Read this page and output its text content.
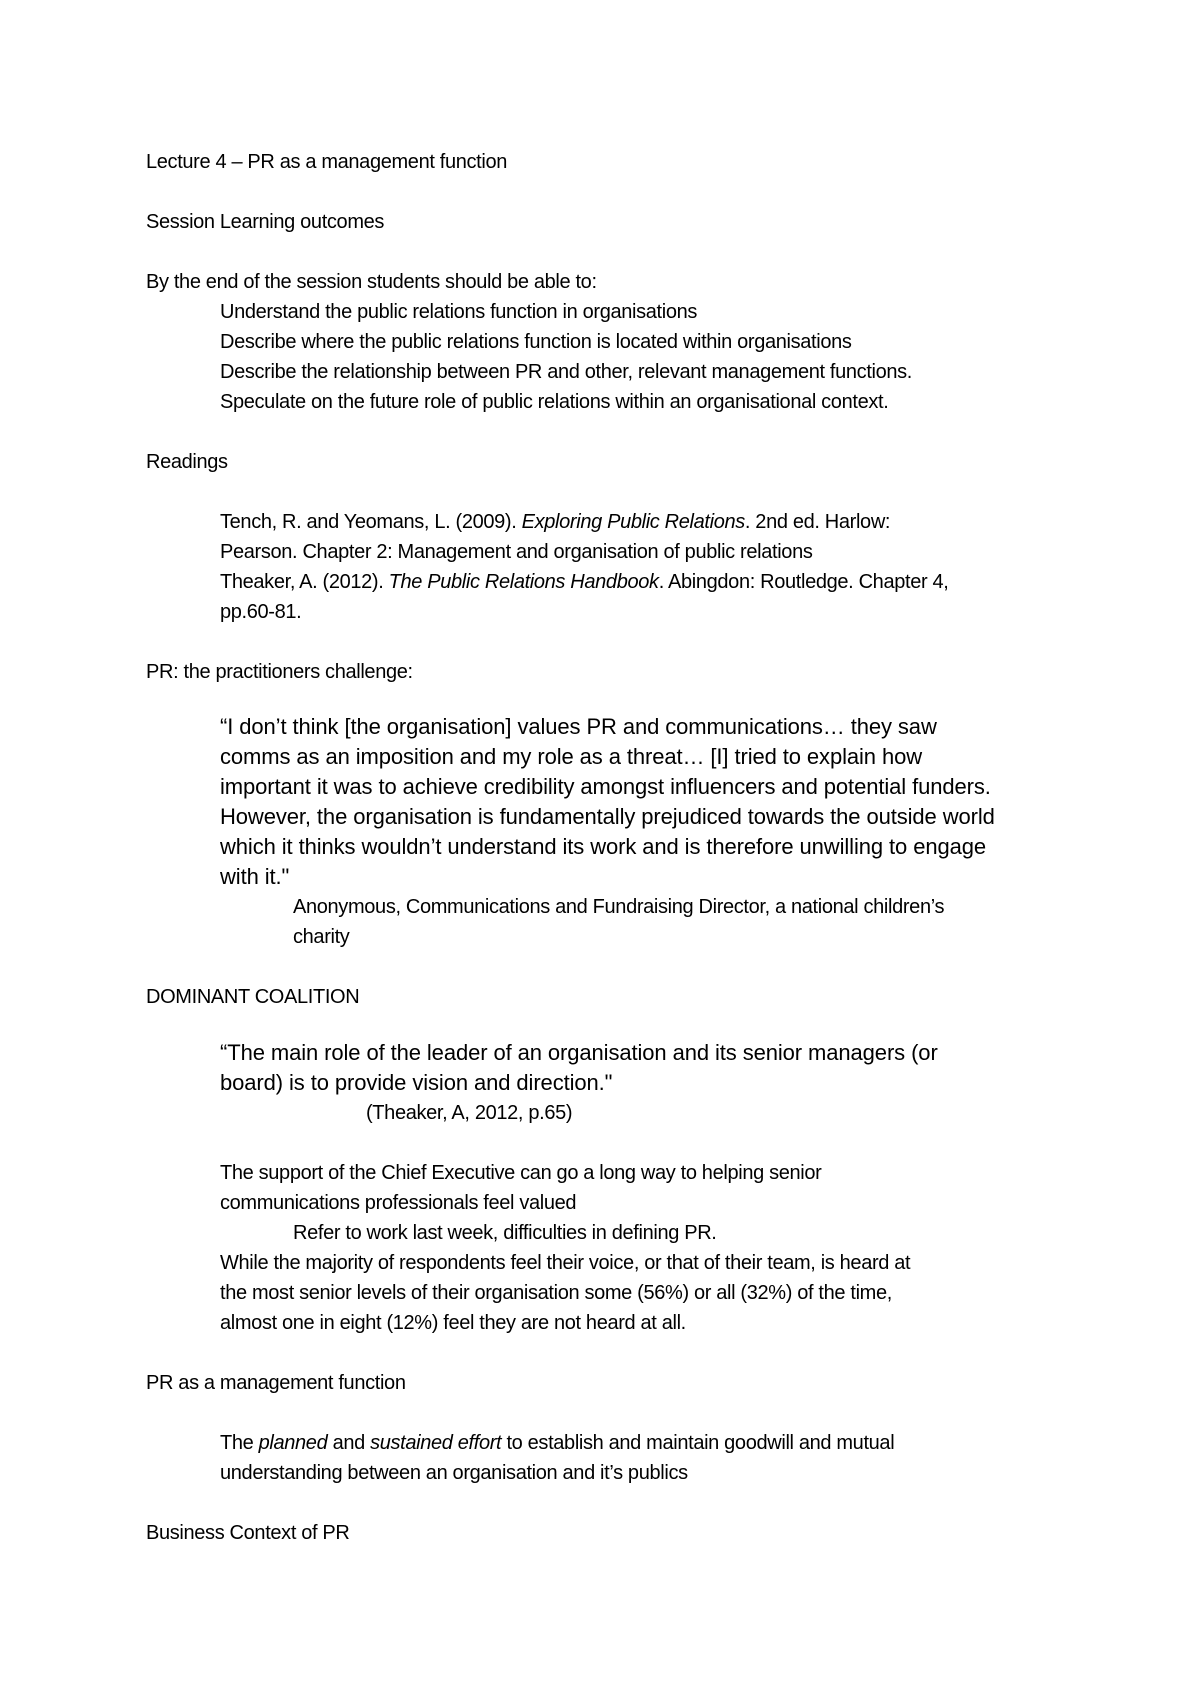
Lecture 4 – PR as a management function
Session Learning outcomes
By the end of the session students should be able to:
Understand the public relations function in organisations
Describe where the public relations function is located within organisations
Describe the relationship between PR and other, relevant management functions.
Speculate on the future role of public relations within an organisational context.
Readings
Tench, R. and Yeomans, L. (2009). Exploring Public Relations. 2nd ed. Harlow:
Pearson. Chapter 2: Management and organisation of public relations
Theaker, A. (2012). The Public Relations Handbook. Abingdon: Routledge. Chapter 4,
pp.60-81.
PR: the practitioners challenge:
“I don’t think [the organisation] values PR and communications… they saw
comms as an imposition and my role as a threat… [I] tried to explain how
important it was to achieve credibility amongst influencers and potential funders.
However, the organisation is fundamentally prejudiced towards the outside world
which it thinks wouldn’t understand its work and is therefore unwilling to engage
with it."
Anonymous, Communications and Fundraising Director, a national children’s
charity
DOMINANT COALITION
“The main role of the leader of an organisation and its senior managers (or
board) is to provide vision and direction."
(Theaker, A, 2012, p.65)
The support of the Chief Executive can go a long way to helping senior
communications professionals feel valued
Refer to work last week, difficulties in defining PR.
While the majority of respondents feel their voice, or that of their team, is heard at
the most senior levels of their organisation some (56%) or all (32%) of the time,
almost one in eight (12%) feel they are not heard at all.
PR as a management function
The planned and sustained effort to establish and maintain goodwill and mutual
understanding between an organisation and it’s publics
Business Context of PR
